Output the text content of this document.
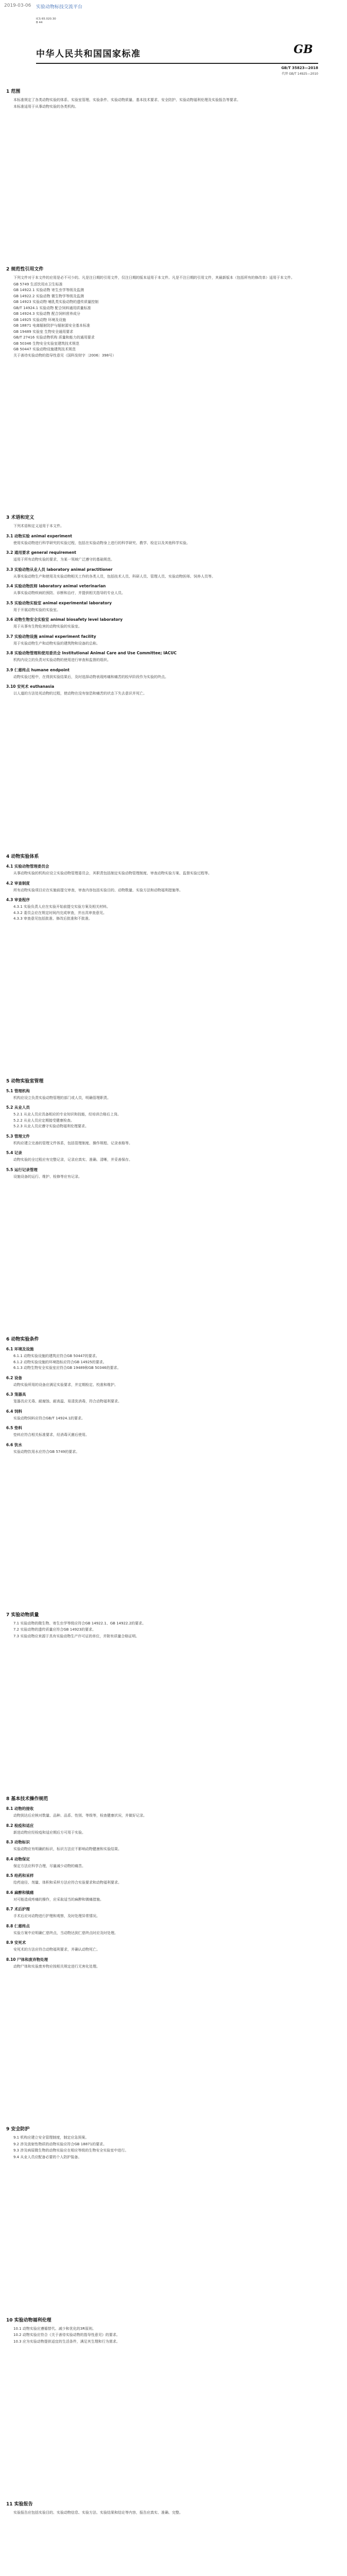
2019-03-06 实验动物标技交流平台
ICS 65.020.30
B 44
GB
中华人民共和国国家标准
GB/T 35823—2018
代替 GB/T 14925—2010
1 范围
本标准规定了各类动物实验的体系、实验室管理、实验条件、实验动物质量、基本技术要求、安全防护、实验动物福利伦理及实验报告等要求。
本标准适用于从事动物实验的各类机构。
2 规范性引用文件
下列文件对于本文件的应用是必不可少的。凡是注日期的引用文件，仅注日期的版本适用于本文件。凡是不注日期的引用文件，其最新版本（包括所有的修改单）适用于本文件。
GB 5749 生活饮用水卫生标准
GB 14922.1 实验动物 寄生虫学等级及监测
GB 14922.2 实验动物 微生物学等级及监测
GB 14923 实验动物 哺乳类实验动物的遗传质量控制
GB/T 14924.1 实验动物 配合饲料通用质量标准
GB 14924.3 实验动物 配合饲料营养成分
GB 14925 实验动物 环境及设施
GB 18871 电离辐射防护与辐射源安全基本标准
GB 19489 实验室 生物安全通用要求
GB/T 27416 实验动物机构 质量和能力的通用要求
GB 50346 生物安全实验室建筑技术规范
GB 50447 实验动物设施建筑技术规范
关于善待实验动物的指导性意见（国科发财字〔2006〕398号）
3 术语和定义
下列术语和定义适用于本文件。
3.1 动物实验 animal experiment
使用实验动物进行科学研究的实验过程，包括在实验动物身上进行的科学研究、教学、检定以及其他科学实验。
3.2 通用要求 general requirement
适用于所有动物实验的要求，为某一领域广泛遵守的基础规范。
3.3 实验动物从业人员 laboratory animal practitioner
从事实验动物生产和使用及实验动物相关工作的各类人员，包括技术人员、科研人员、管理人员、实验动物医师、饲养人员等。
3.4 实验动物医师 laboratory animal veterinarian
从事实验动物疾病的预防、诊断和治疗，并提供相关指导的专业人员。
3.5 实验动物实验室 animal experimental laboratory
用于开展动物实验的实验室。
3.6 动物生物安全实验室 animal biosafety level laboratory
用于从事有生物危害的动物实验的实验室。
3.7 实验动物设施 animal experiment facility
用于实验动物生产和动物实验的建筑物和设备的总称。
3.8 实验动物管理和使用委员会 Institutional Animal Care and Use Committee; IACUC
机构内设立的负责对实验动物的使用进行审查和监督的组织。
3.9 仁慈终点 humane endpoint
动物实验过程中，在得到实验结果后，及时选择动物表现疼痛和痛苦的较早阶段作为实验的终点。
3.10 安死术 euthanasia
以人道的方法处死动物的过程，使动物在没有惊恐和痛苦的状态下失去意识并死亡。
4 动物实验体系
4.1 实验动物管理委员会
从事动物实验的机构应设立实验动物管理委员会，其职责包括制定实验动物管理制度、审查动物实验方案、监督实验过程等。
4.2 审查制度
所有动物实验项目应在实施前提交审查，审查内容包括实验目的、动物数量、实验方法和动物福利措施等。
4.3 审查程序
4.3.1 实验负责人应在实验开始前提交实验方案及相关材料。
4.3.2 委员会应在规定时间内完成审查，并出具审查意见。
4.3.3 审查意见包括批准、修改后批准和不批准。
5 动物实验室管理
5.1 管理机构
机构应设立负责实验动物管理的部门或人员，明确管理职责。
5.2 从业人员
5.2.1 从业人员应具备相应的专业知识和技能，经培训合格后上岗。
5.2.2 从业人员应定期接受健康检查。
5.2.3 从业人员应遵守实验动物福利伦理要求。
5.3 管理文件
机构应建立完善的管理文件体系，包括管理制度、操作规程、记录表格等。
5.4 记录
动物实验的全过程应有完整记录，记录应真实、准确、清晰，并妥善保存。
5.5 运行记录管理
设施设备的运行、维护、检修等应有记录。
6 动物实验条件
6.1 环境及设施
6.1.1 动物实验设施的建筑应符合GB 50447的要求。
6.1.2 动物实验设施的环境指标应符合GB 14925的要求。
6.1.3 动物生物安全实验室应符合GB 19489和GB 50346的要求。
6.2 设备
动物实验所用的设备应满足实验要求，并定期检定、校准和维护。
6.3 笼器具
笼器具应无毒、耐腐蚀、耐高温、易清洗消毒，符合动物福利要求。
6.4 饲料
实验动物饲料应符合GB/T 14924.1的要求。
6.5 垫料
垫料应符合相关标准要求，经消毒灭菌后使用。
6.6 饮水
实验动物饮用水应符合GB 5749的要求。
7 实验动物质量
7.1 实验动物的微生物、寄生虫学等级应符合GB 14922.1、GB 14922.2的要求。
7.2 实验动物的遗传质量应符合GB 14923的要求。
7.3 实验动物应来源于具有实验动物生产许可证的单位，并附有质量合格证明。
8 基本技术操作规范
8.1 动物的接收
动物到达后应核对数量、品种、品系、性别、等级等，检查健康状况，并做好记录。
8.2 检疫和适应
新进动物应经检疫和适应期后方可用于实验。
8.3 动物标识
实验动物应有明确的标识，标识方法应不影响动物健康和实验结果。
8.4 动物保定
保定方法应科学合理，尽量减少动物的痛苦。
8.5 给药和采样
给药途径、剂量、体积和采样方法应符合实验要求和动物福利要求。
8.6 麻醉和镇痛
对可能造成疼痛的操作，应采取适当的麻醉和镇痛措施。
8.7 术后护理
手术后应对动物进行护理和观察，及时处理异常情况。
8.8 仁慈终点
实验方案中应明确仁慈终点，当动物达到仁慈终点时应及时处理。
8.9 安死术
安死术的方法应符合动物福利要求，并确认动物死亡。
8.10 尸体和废弃物处理
动物尸体和实验废弃物应按相关规定进行无害化处理。
9 安全防护
9.1 机构应建立安全管理制度，制定应急预案。
9.2 涉及放射性物质的动物实验应符合GB 18871的要求。
9.3 涉及病原微生物的动物实验应在相应等级的生物安全实验室中进行。
9.4 从业人员应配备必要的个人防护装备。
10 实验动物福利伦理
10.1 动物实验应遵循替代、减少和优化的3R原则。
10.2 动物实验应符合《关于善待实验动物的指导性意见》的要求。
10.3 应为实验动物提供适宜的生活条件，满足其生理和行为需求。
11 实验报告
实验报告应包括实验目的、实验动物信息、实验方法、实验结果和结论等内容，报告应真实、准确、完整。
